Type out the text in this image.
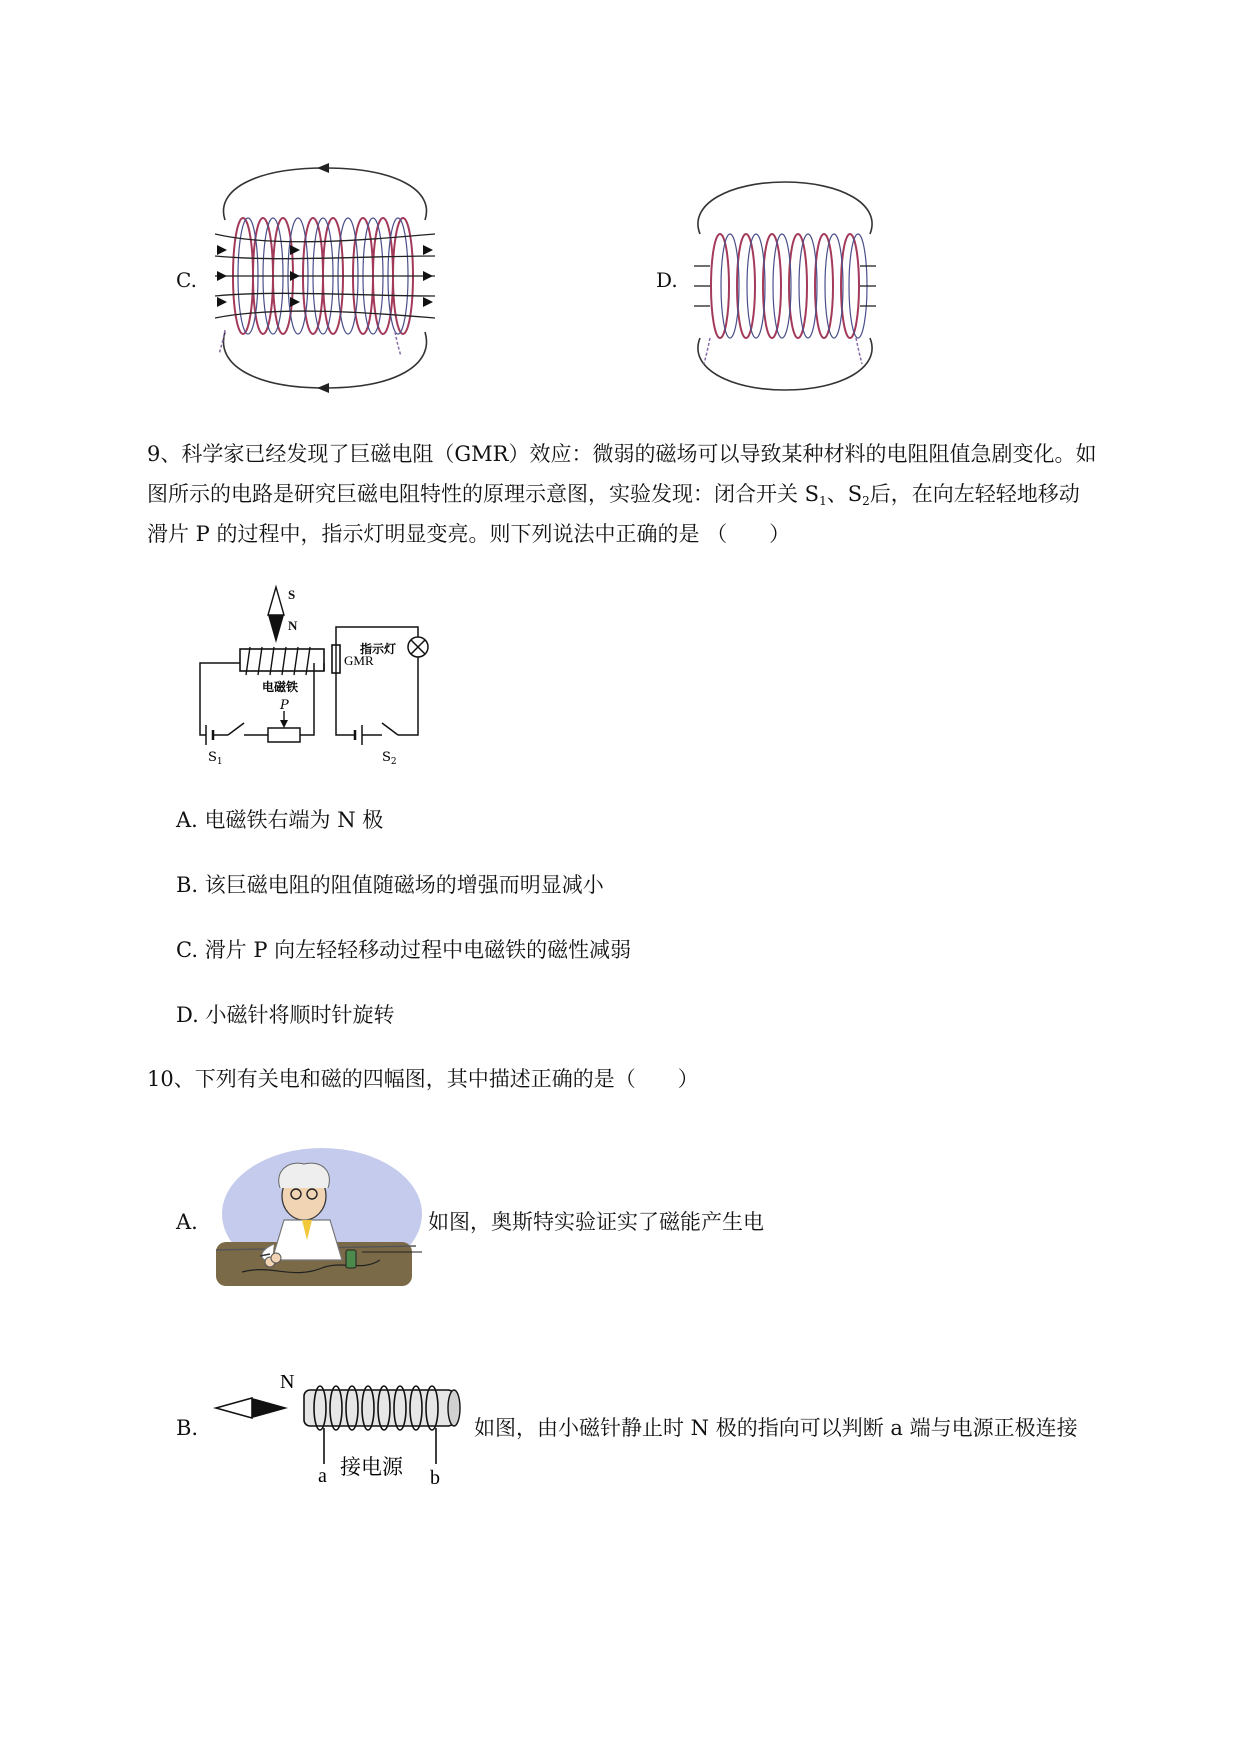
C.	D.
9、科学家已经发现了巨磁电阻（GMR）效应：微弱的磁场可以导致某种材料的电阻阻值急剧变化。如
图所示的电路是研究巨磁电阻特性的原理示意图，实验发现：闭合开关 $S_1$、$S_2$后，在向左轻轻地移动
滑片 P 的过程中，指示灯明显变亮。则下列说法中正确的是 （　　）
S
N
电磁铁
GMR
P
$S_1$
指示灯
$S_2$
A. 电磁铁右端为 N 极
B. 该巨磁电阻的阻值随磁场的增强而明显减小
C. 滑片 P 向左轻轻移动过程中电磁铁的磁性减弱
D. 小磁针将顺时针旋转
10、下列有关电和磁的四幅图，其中描述正确的是（　　）
A.	如图，奥斯特实验证实了磁能产生电
B.
N
a	b
接电源
如图，由小磁针静止时 N 极的指向可以判断 a 端与电源正极连接
